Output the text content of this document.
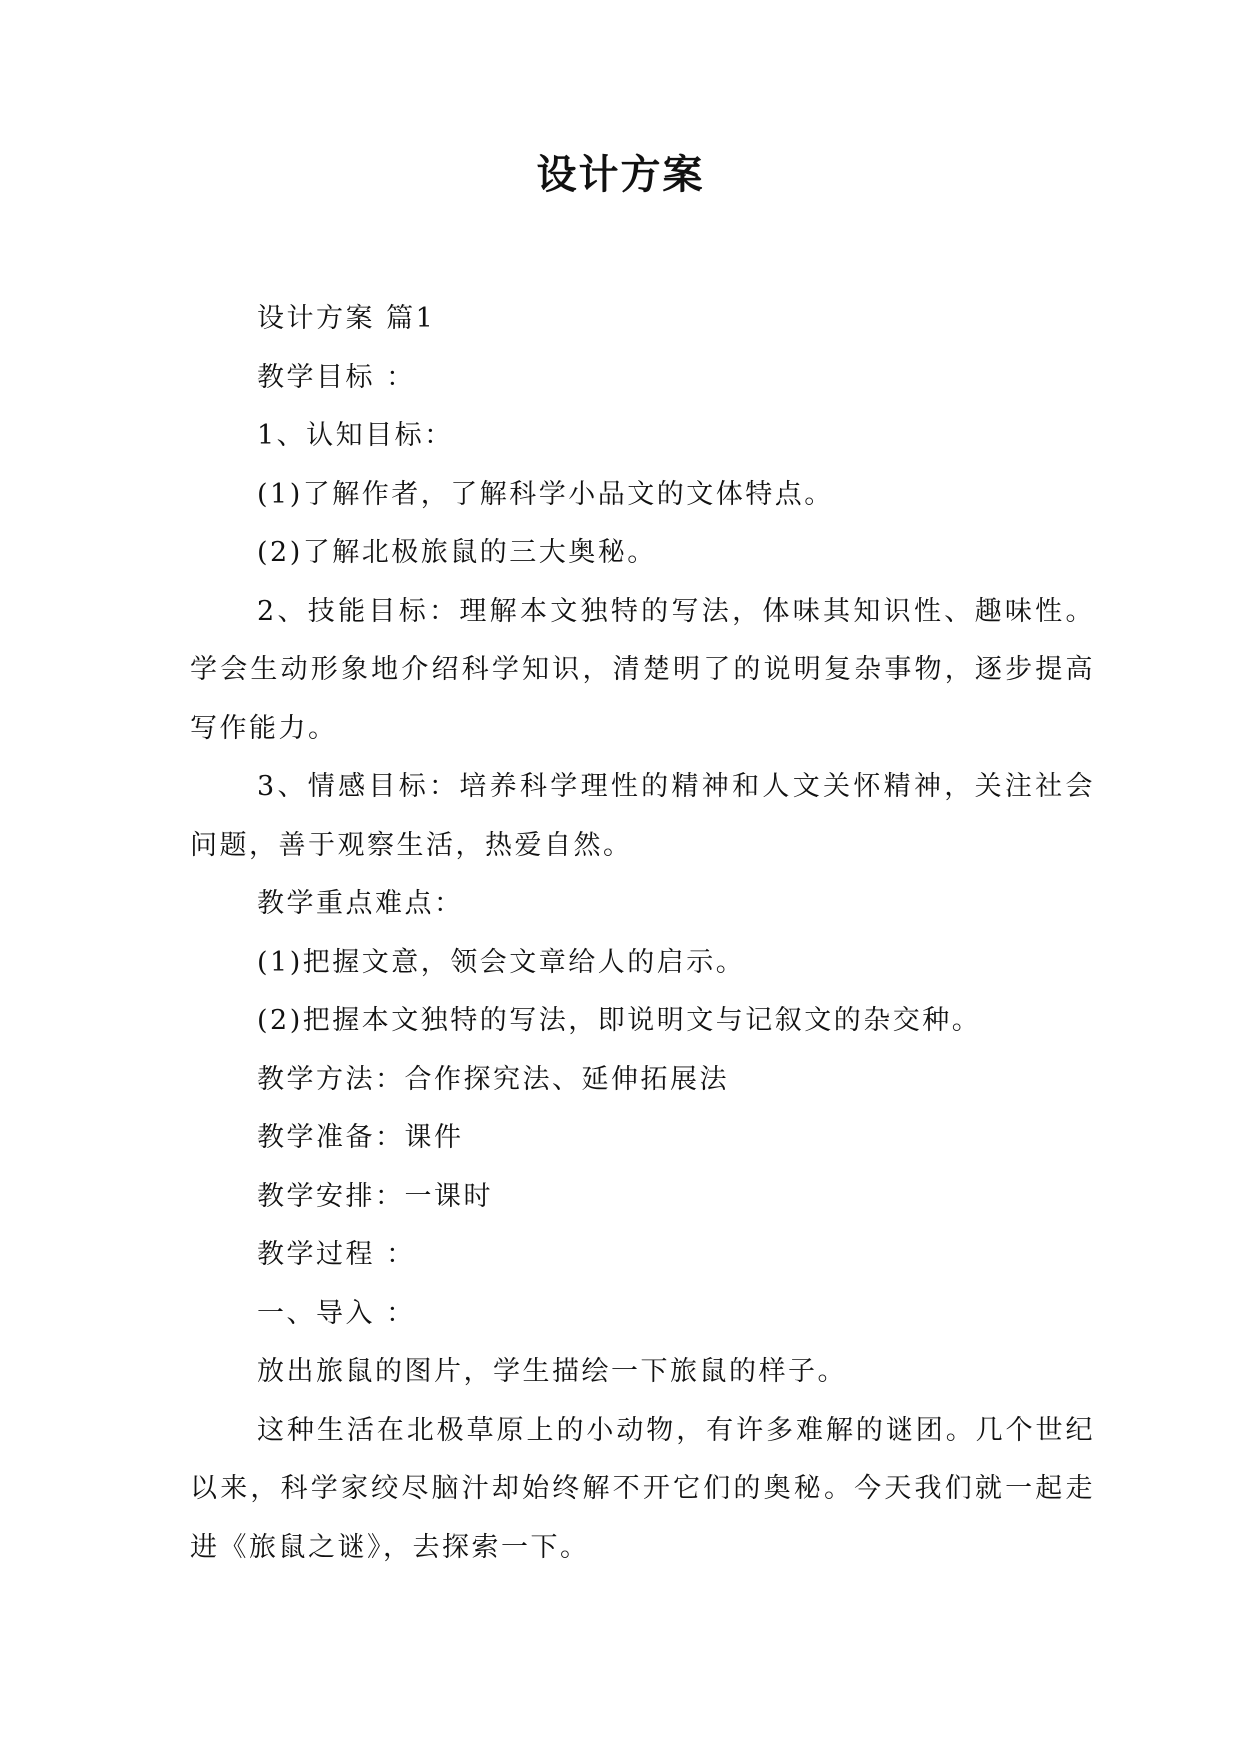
设计方案

设计方案 篇1

教学目标 ：

1、认知目标：

(1)了解作者，了解科学小品文的文体特点。

(2)了解北极旅鼠的三大奥秘。

2、技能目标：理解本文独特的写法，体味其知识性、趣味性。学会生动形象地介绍科学知识，清楚明了的说明复杂事物，逐步提高写作能力。

3、情感目标：培养科学理性的精神和人文关怀精神，关注社会问题，善于观察生活，热爱自然。

教学重点难点：

(1)把握文意，领会文章给人的启示。

(2)把握本文独特的写法，即说明文与记叙文的杂交种。

教学方法：合作探究法、延伸拓展法

教学准备：课件

教学安排：一课时

教学过程 ：

一、导入 ：

放出旅鼠的图片，学生描绘一下旅鼠的样子。

这种生活在北极草原上的小动物，有许多难解的谜团。几个世纪以来，科学家绞尽脑汁却始终解不开它们的奥秘。今天我们就一起走进《旅鼠之谜》，去探索一下。
